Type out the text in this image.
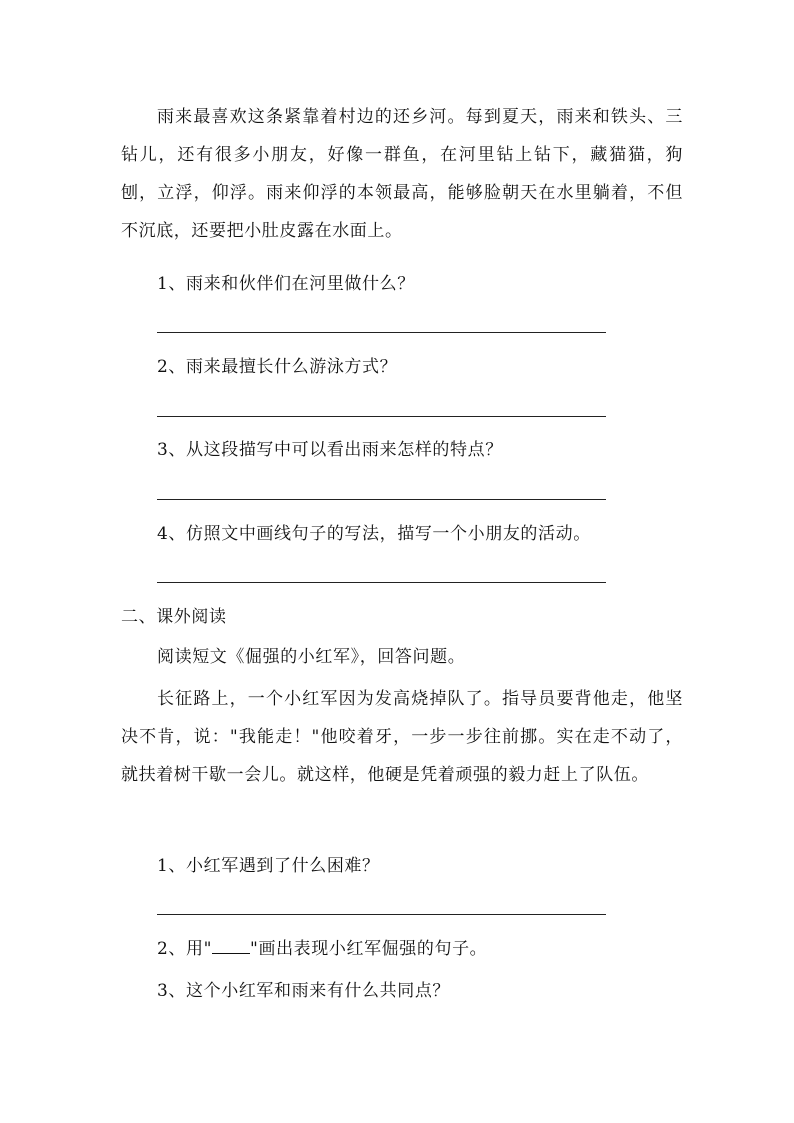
雨来最喜欢这条紧靠着村边的还乡河。每到夏天，雨来和铁头、三钻儿，还有很多小朋友，好像一群鱼，在河里钻上钻下，藏猫猫，狗刨，立浮，仰浮。雨来仰浮的本领最高，能够脸朝天在水里躺着，不但不沉底，还要把小肚皮露在水面上。

1、雨来和伙伴们在河里做什么？

2、雨来最擅长什么游泳方式？

3、从这段描写中可以看出雨来怎样的特点？

4、仿照文中画线句子的写法，描写一个小朋友的活动。

二、课外阅读

阅读短文《倔强的小红军》，回答问题。

长征路上，一个小红军因为发高烧掉队了。指导员要背他走，他坚决不肯，说："我能走！"他咬着牙，一步一步往前挪。实在走不动了，就扶着树干歇一会儿。就这样，他硬是凭着顽强的毅力赶上了队伍。

1、小红军遇到了什么困难？

2、用" "画出表现小红军倔强的句子。

3、这个小红军和雨来有什么共同点？
